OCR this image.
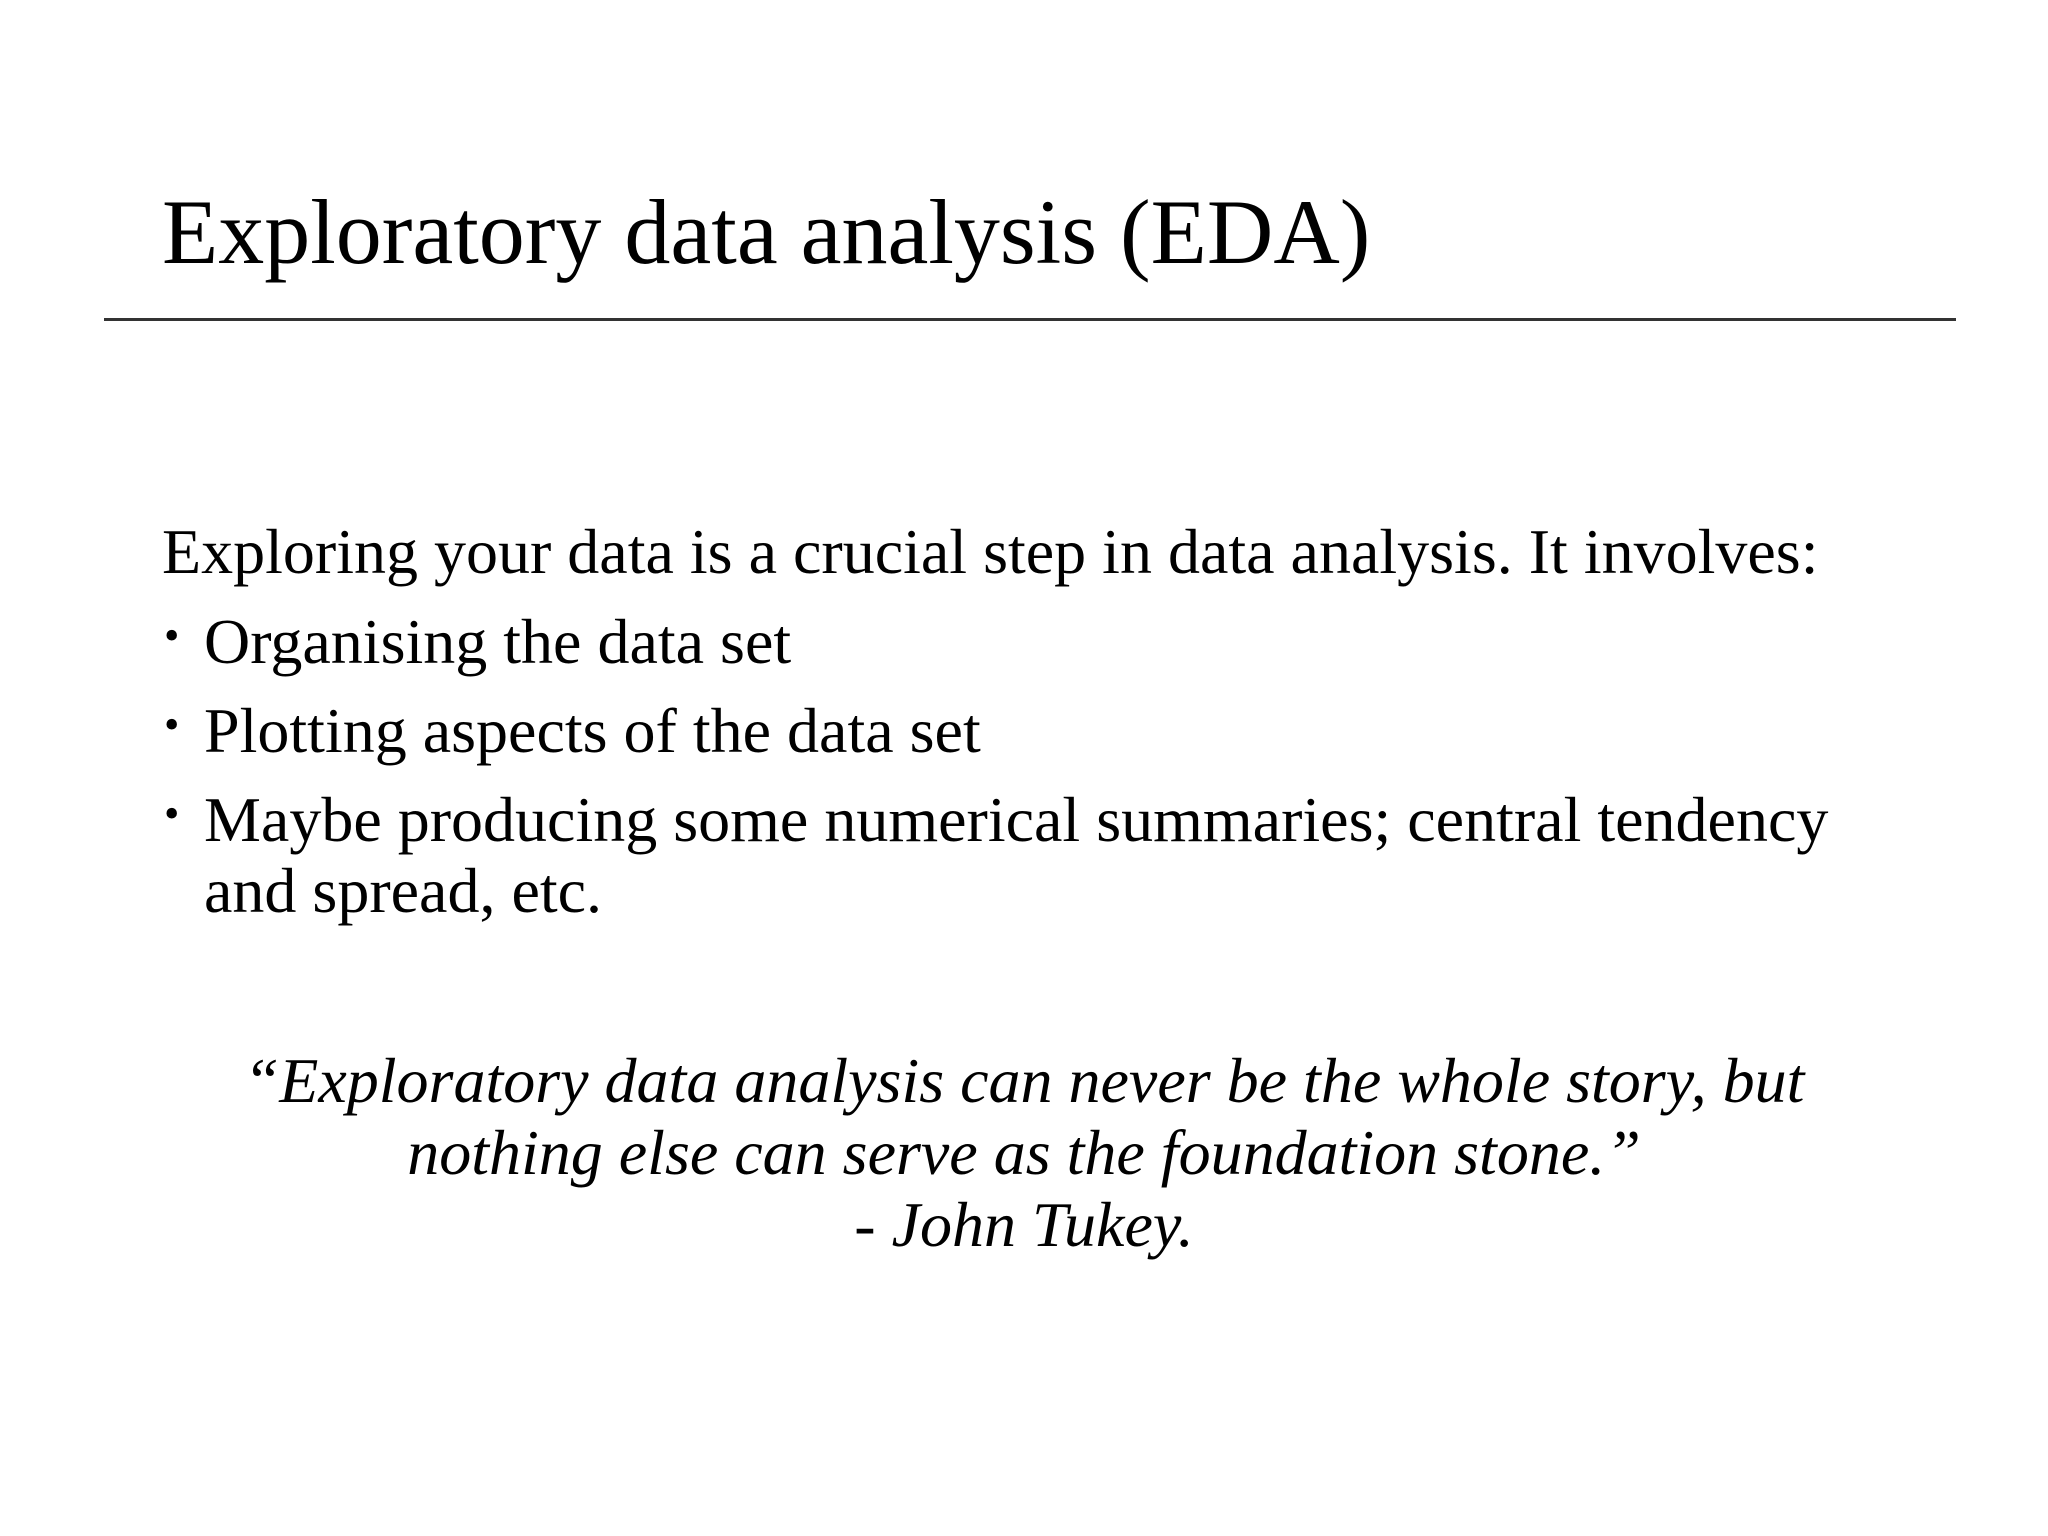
Exploratory data analysis (EDA)

Exploring your data is a crucial step in data analysis. It involves:

• Organising the data set
• Plotting aspects of the data set
• Maybe producing some numerical summaries; central tendency and spread, etc.
“Exploratory data analysis can never be the whole story, but
nothing else can serve as the foundation stone.”
- John Tukey.
